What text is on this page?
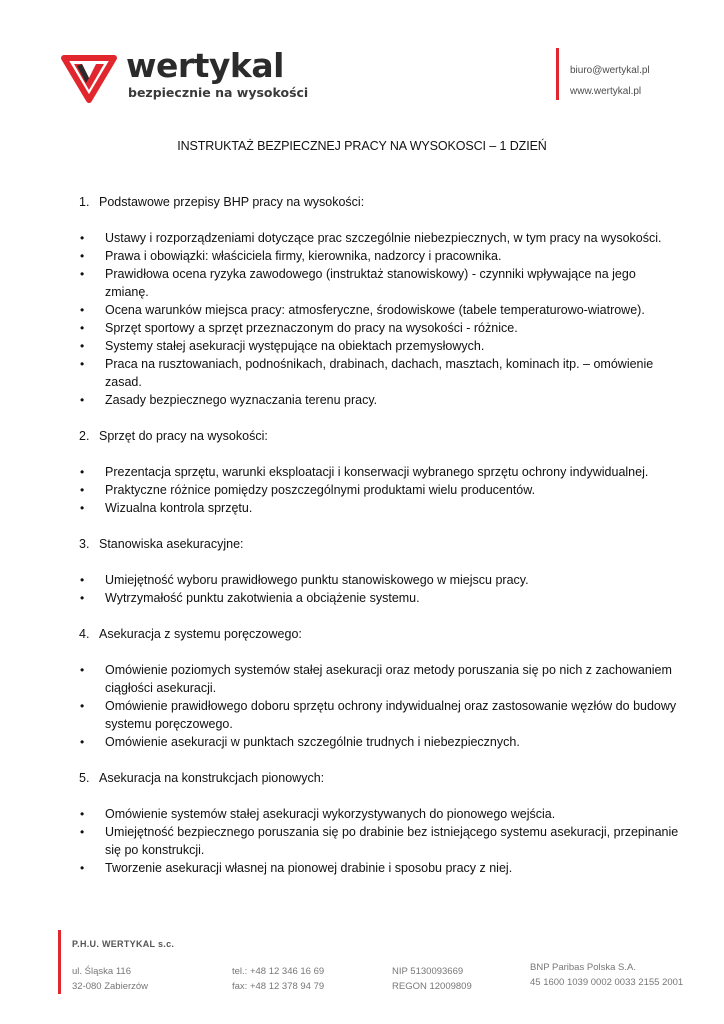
wertykal
bezpiecznie na wysokości
biuro@wertykal.pl
www.wertykal.pl
INSTRUKTAŻ BEZPIECZNEJ PRACY NA WYSOKOSCI – 1 DZIEŃ
1. Podstawowe przepisy BHP pracy na wysokości:
• Ustawy i rozporządzeniami dotyczące prac szczególnie niebezpiecznych, w tym pracy na wysokości.
• Prawa i obowiązki: właściciela firmy, kierownika, nadzorcy i pracownika.
• Prawidłowa ocena ryzyka zawodowego (instruktaż stanowiskowy) - czynniki wpływające na jego zmianę.
• Ocena warunków miejsca pracy: atmosferyczne, środowiskowe (tabele temperaturowo-wiatrowe).
• Sprzęt sportowy a sprzęt przeznaczonym do pracy na wysokości - różnice.
• Systemy stałej asekuracji występujące na obiektach przemysłowych.
• Praca na rusztowaniach, podnośnikach, drabinach, dachach, masztach, kominach itp. – omówienie zasad.
• Zasady bezpiecznego wyznaczania terenu pracy.
2. Sprzęt do pracy na wysokości:
• Prezentacja sprzętu, warunki eksploatacji i konserwacji wybranego sprzętu ochrony indywidualnej.
• Praktyczne różnice pomiędzy poszczególnymi produktami wielu producentów.
• Wizualna kontrola sprzętu.
3. Stanowiska asekuracyjne:
• Umiejętność wyboru prawidłowego punktu stanowiskowego w miejscu pracy.
• Wytrzymałość punktu zakotwienia a obciążenie systemu.
4. Asekuracja z systemu poręczowego:
• Omówienie poziomych systemów stałej asekuracji oraz metody poruszania się po nich z zachowaniem ciągłości asekuracji.
• Omówienie prawidłowego doboru sprzętu ochrony indywidualnej oraz zastosowanie węzłów do budowy systemu poręczowego.
• Omówienie asekuracji w punktach szczególnie trudnych i niebezpiecznych.
5. Asekuracja na konstrukcjach pionowych:
• Omówienie systemów stałej asekuracji wykorzystywanych do pionowego wejścia.
• Umiejętność bezpiecznego poruszania się po drabinie bez istniejącego systemu asekuracji, przepinanie się po konstrukcji.
• Tworzenie asekuracji własnej na pionowej drabinie i sposobu pracy z niej.
P.H.U. WERTYKAL s.c.
ul. Śląska 116
32-080 Zabierzów
tel.: +48 12 346 16 69
fax: +48 12 378 94 79
NIP 5130093669
REGON 12009809
BNP Paribas Polska S.A.
45 1600 1039 0002 0033 2155 2001
